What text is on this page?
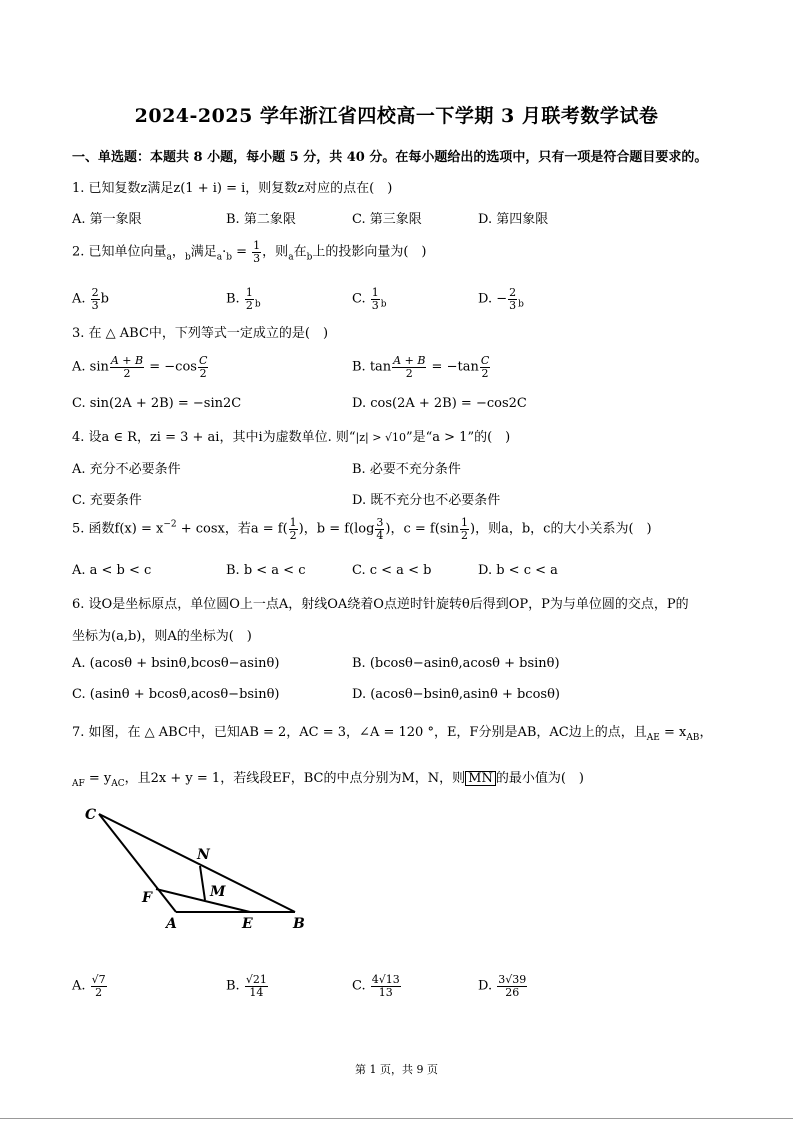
2024-2025 学年浙江省四校高一下学期 3 月联考数学试卷
一、单选题：本题共 8 小题，每小题 5 分，共 40 分。在每小题给出的选项中，只有一项是符合题目要求的。
1. 已知复数z满足z(1 + i) = i，则复数z对应的点在(　)
A. 第一象限	B. 第二象限	C. 第三象限	D. 第四象限
2. 已知单位向量$_a$，$_b$满足$_a\cdot_b = \frac{1}{3}$ ，则$_a$在$_b$上的投影向量为(　)
A. $\frac{2}{3}$ b	B. $\frac{1}{2} _b$	C. $\frac{1}{3} _b$	D. − $\frac{2}{3} _b$
3. 在 △ ABC中，下列等式一定成立的是(　)
A. $\sin \frac{A + B}{2} = -\cos \frac{C}{2}$	B. $\tan \frac{A + B}{2} = -\tan \frac{C}{2}$
C. sin(2A + 2B) = −sin2C	D. cos(2A + 2B) = −cos2C
4. 设a ∈ R，zi = 3 + ai，其中i为虚数单位. 则“|z| > √10”是“a > 1”的(　)
A. 充分不必要条件	B. 必要不充分条件
C. 充要条件	D. 既不充分也不必要条件
5. 函数$f(x) = x^{-2} + \cos x$，若$a = f( \frac{1}{2}$ )，$b = f(\log \frac{3}{4}$ )，$c = f(\sin \frac{1}{2}$ )，则a，b，c的大小关系为(　)
A. a < b < c	B. b < a < c	C. c < a < b	D. b < c < a
6. 设O是坐标原点，单位圆O上一点A，射线OA绕着O点逆时针旋转θ后得到OP，P为与单位圆的交点，P的
坐标为(a,b)，则A的坐标为(　)
A. (acosθ + bsinθ,bcosθ−asinθ)	B. (bcosθ−asinθ,acosθ + bsinθ)
C. (asinθ + bcosθ,acosθ−bsinθ)	D. (acosθ−bsinθ,asinθ + bcosθ)
7. 如图，在 △ ABC中，已知AB = 2，AC = 3，∠A = 120 °，E，F分别是AB，AC边上的点，且$_{AE} = x_{AB}$，
$_{AF} = y_{AC}$，且2x + y = 1，若线段EF，BC的中点分别为M，N，则 MN 的最小值为(　)
C
N
M
F
A	E	B
A. $\frac{√7}{2}$	B. $\frac{√21}{14}$	C. $\frac{4√13}{13}$	D. $\frac{3√39}{26}$
第 1 页，共 9 页
